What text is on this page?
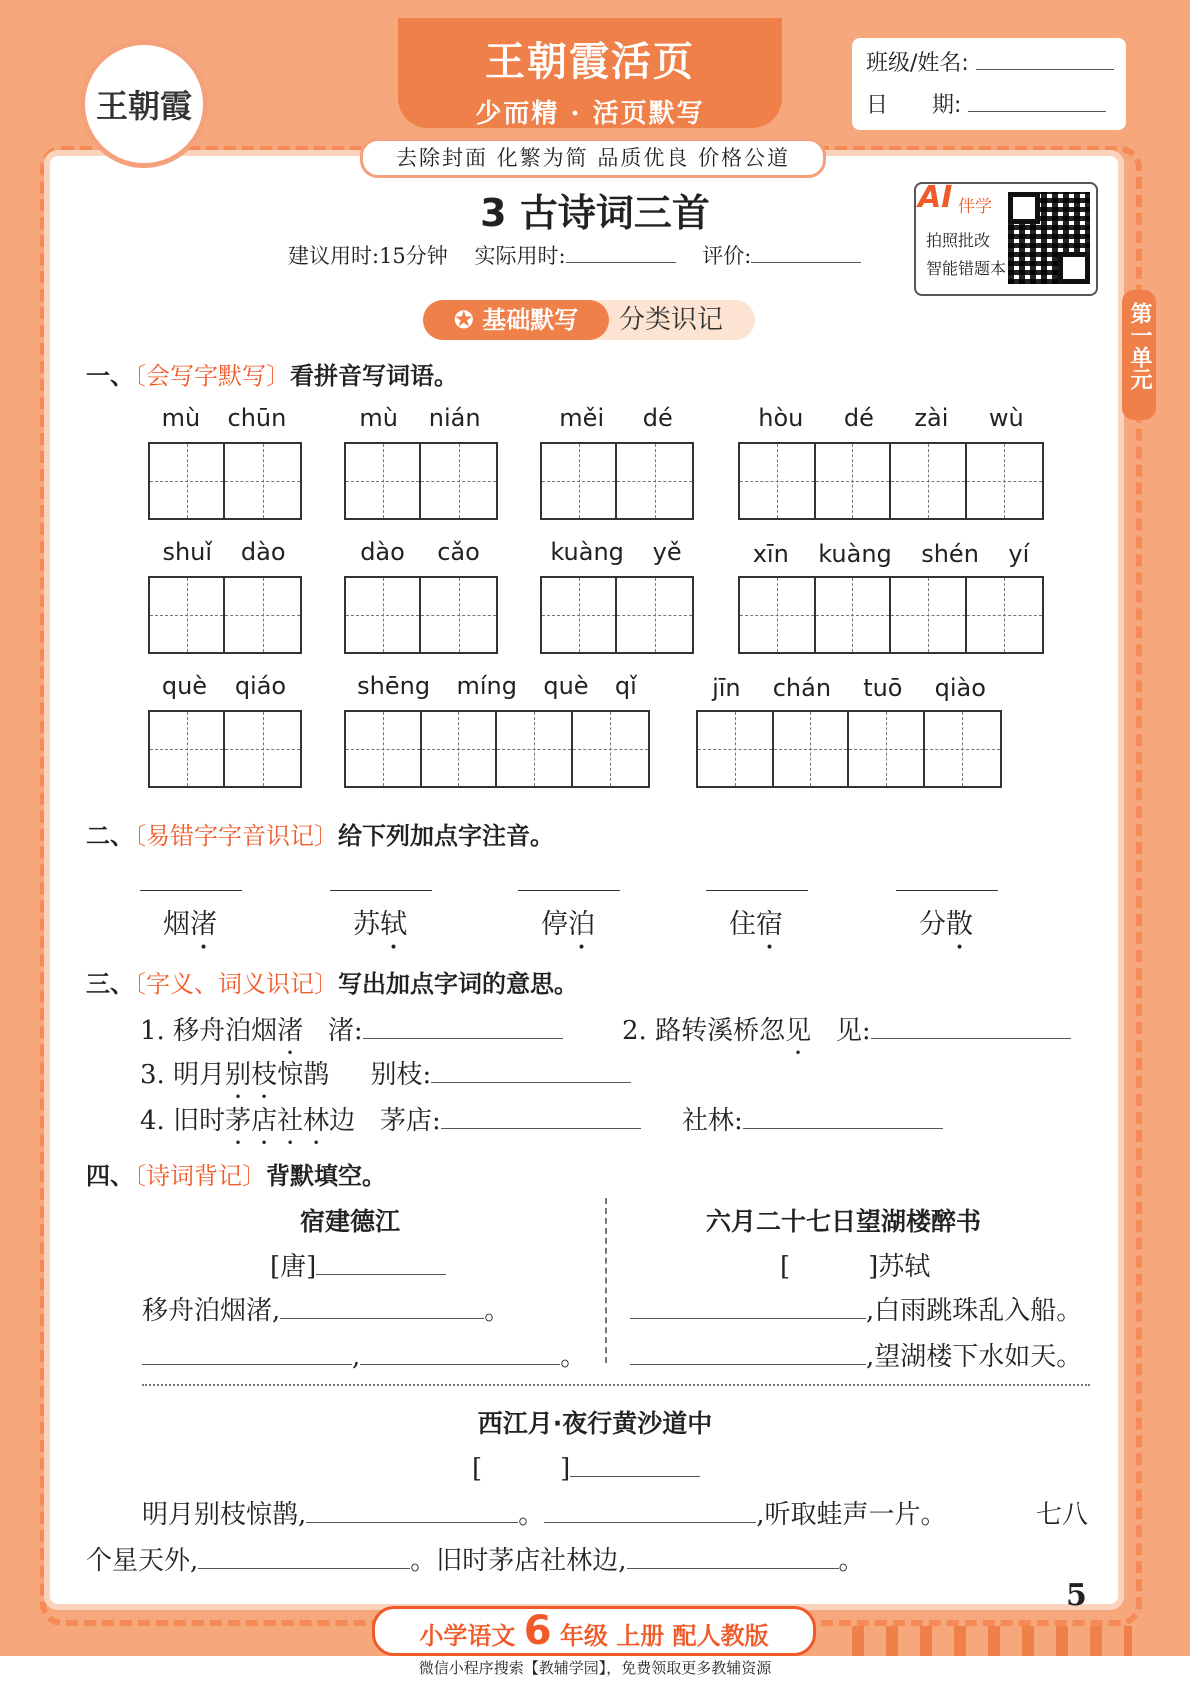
王朝霞
王朝霞活页
少而精 · 活页默写
去除封面 化繁为简 品质优良 价格公道
班级/姓名:
日　　期:
3 古诗词三首
建议用时:15分钟 实际用时:	评价:
AI 伴学
拍照批改
智能错题本
第一单元
✪ 基础默写	分类识记
一、〔会写字默写〕看拼音写词语。
mù chūn	mù nián	měi dé	hòu dé zài wù
shuǐ dào	dào cǎo	kuàng yě	xīn kuàng shén yí
què qiáo	shēng míng què qǐ	jīn chán tuō qiào
二、〔易错字字音识记〕给下列加点字注音。
烟渚	苏轼	停泊	住宿	分散
三、〔字义、词义识记〕写出加点字词的意思。
1. 移舟泊烟渚 渚:	2. 路转溪桥忽见 见:
3. 明月别枝惊鹊 别枝:
4. 旧时茅店社林边 茅店:	社林:
四、〔诗词背记〕背默填空。
宿建德江
[唐]
移舟泊烟渚,	。
,	。
六月二十七日望湖楼醉书
[　　　]苏轼
,白雨跳珠乱入船。
,望湖楼下水如天。
西江月·夜行黄沙道中
[　　　]
明月别枝惊鹊,	。	,听取蛙声一片。	七八
个星天外,	。旧时茅店社林边,	。
5
小学语文 6 年级 上册 配人教版
微信小程序搜索【教辅学园】，免费领取更多教辅资源
